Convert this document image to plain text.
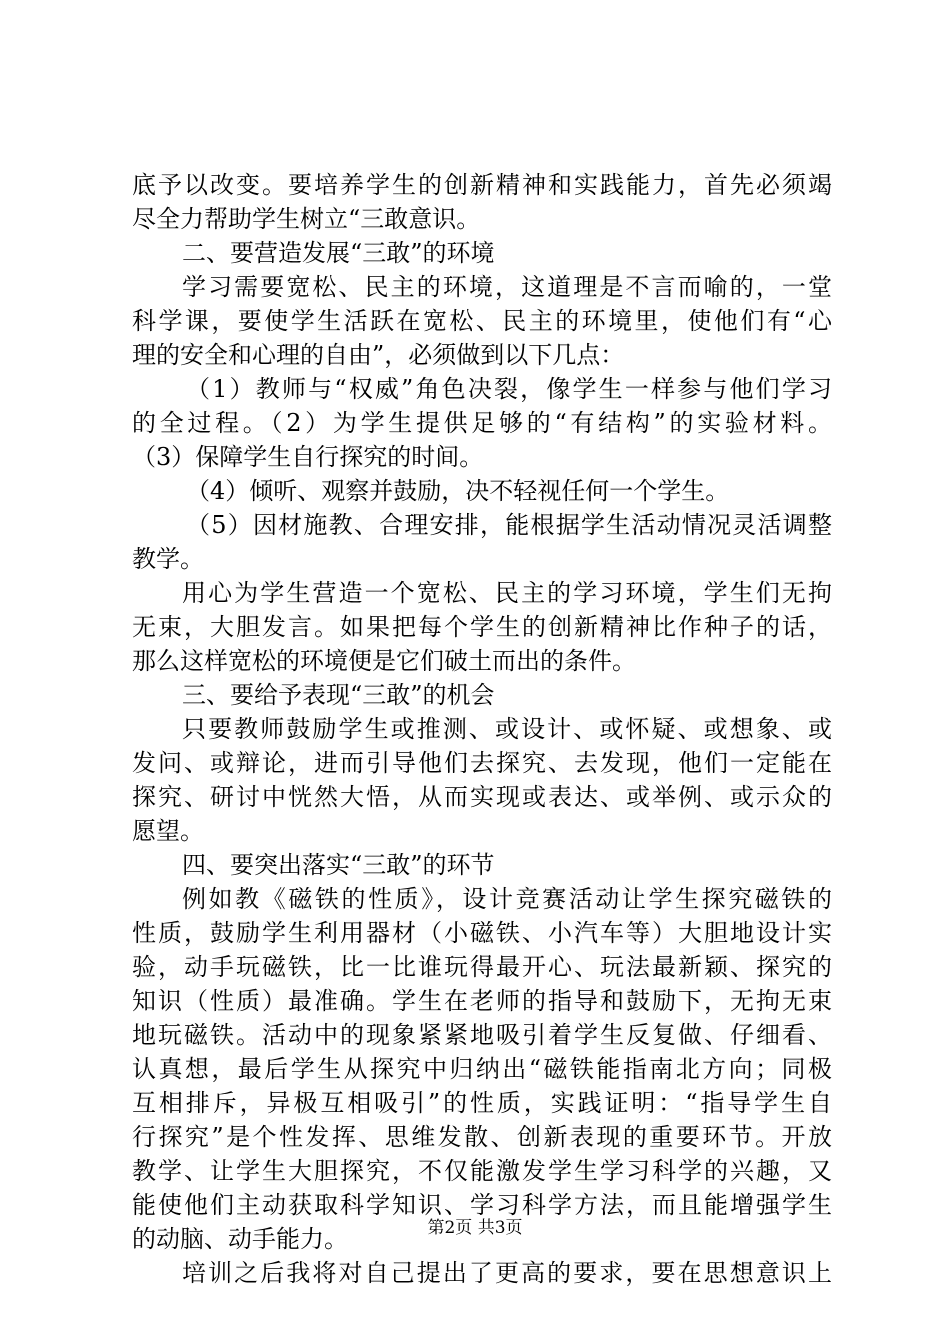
底予以改变。要培养学生的创新精神和实践能力，首先必须竭
尽全力帮助学生树立“三敢意识。
二、要营造发展“三敢”的环境
学习需要宽松、民主的环境，这道理是不言而喻的，一堂
科学课，要使学生活跃在宽松、民主的环境里，使他们有“心
理的安全和心理的自由”，必须做到以下几点：
（1）教师与“权威”角色决裂，像学生一样参与他们学习
的全过程。（2）为学生提供足够的“有结构”的实验材料。
（3）保障学生自行探究的时间。
（4）倾听、观察并鼓励，决不轻视任何一个学生。
（5）因材施教、合理安排，能根据学生活动情况灵活调整
教学。
用心为学生营造一个宽松、民主的学习环境，学生们无拘
无束，大胆发言。如果把每个学生的创新精神比作种子的话，
那么这样宽松的环境便是它们破土而出的条件。
三、要给予表现“三敢”的机会
只要教师鼓励学生或推测、或设计、或怀疑、或想象、或
发问、或辩论，进而引导他们去探究、去发现，他们一定能在
探究、研讨中恍然大悟，从而实现或表达、或举例、或示众的
愿望。
四、要突出落实“三敢”的环节
例如教《磁铁的性质》，设计竞赛活动让学生探究磁铁的
性质，鼓励学生利用器材（小磁铁、小汽车等）大胆地设计实
验，动手玩磁铁，比一比谁玩得最开心、玩法最新颖、探究的
知识（性质）最准确。学生在老师的指导和鼓励下，无拘无束
地玩磁铁。活动中的现象紧紧地吸引着学生反复做、仔细看、
认真想，最后学生从探究中归纳出“磁铁能指南北方向；同极
互相排斥，异极互相吸引”的性质，实践证明：“指导学生自
行探究”是个性发挥、思维发散、创新表现的重要环节。开放
教学、让学生大胆探究，不仅能激发学生学习科学的兴趣，又
能使他们主动获取科学知识、学习科学方法，而且能增强学生
的动脑、动手能力。
培训之后我将对自己提出了更高的要求，要在思想意识上
第2页 共3页
